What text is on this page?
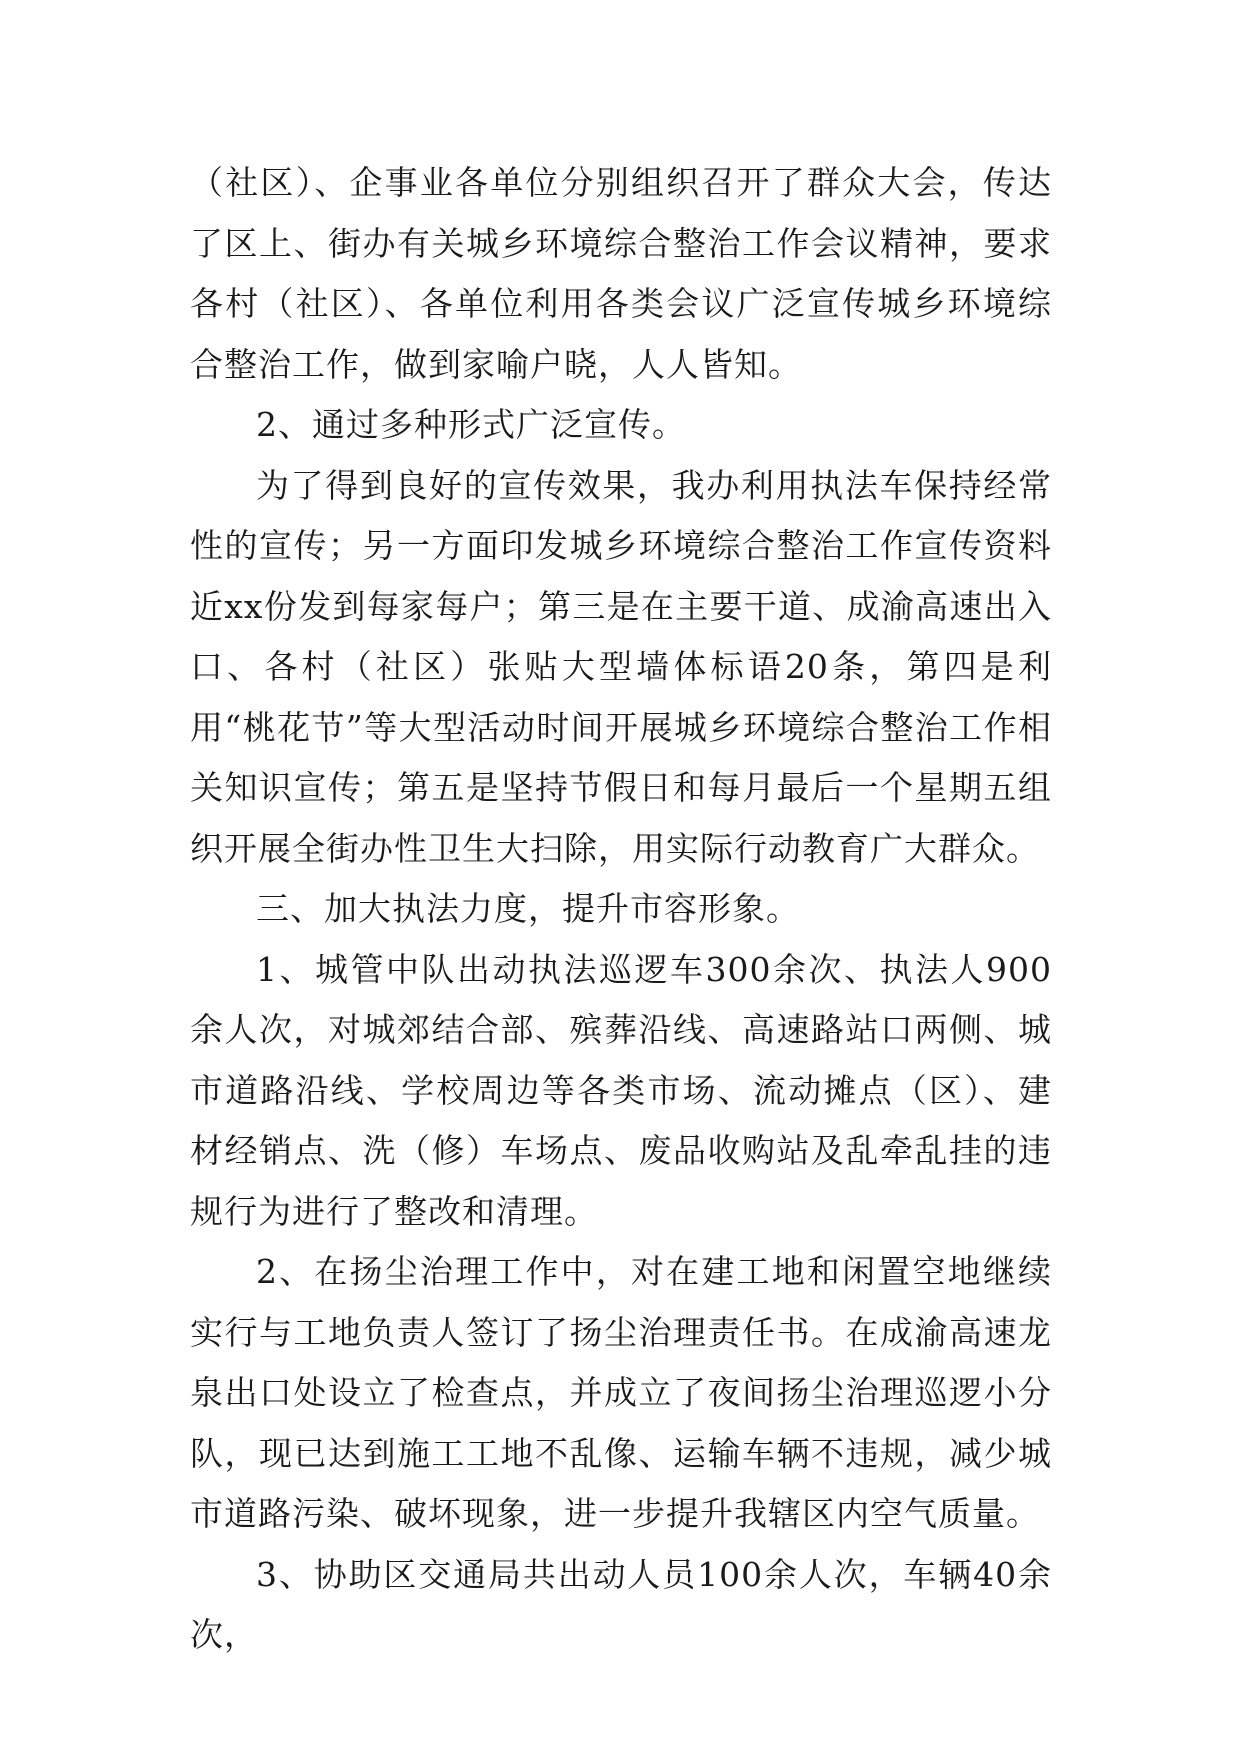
（社区）、企事业各单位分别组织召开了群众大会，传达了区上、街办有关城乡环境综合整治工作会议精神，要求各村（社区）、各单位利用各类会议广泛宣传城乡环境综合整治工作，做到家喻户晓，人人皆知。

2、通过多种形式广泛宣传。

为了得到良好的宣传效果，我办利用执法车保持经常性的宣传；另一方面印发城乡环境综合整治工作宣传资料近xx份发到每家每户；第三是在主要干道、成渝高速出入口、各村（社区）张贴大型墙体标语20条，第四是利用“桃花节”等大型活动时间开展城乡环境综合整治工作相关知识宣传；第五是坚持节假日和每月最后一个星期五组织开展全街办性卫生大扫除，用实际行动教育广大群众。

三、加大执法力度，提升市容形象。

1、城管中队出动执法巡逻车300余次、执法人900余人次，对城郊结合部、殡葬沿线、高速路站口两侧、城市道路沿线、学校周边等各类市场、流动摊点（区）、建材经销点、洗（修）车场点、废品收购站及乱牵乱挂的违规行为进行了整改和清理。

2、在扬尘治理工作中，对在建工地和闲置空地继续实行与工地负责人签订了扬尘治理责任书。在成渝高速龙泉出口处设立了检查点，并成立了夜间扬尘治理巡逻小分队，现已达到施工工地不乱像、运输车辆不违规，减少城市道路污染、破坏现象，进一步提升我辖区内空气质量。

3、协助区交通局共出动人员100余人次，车辆40余次，
